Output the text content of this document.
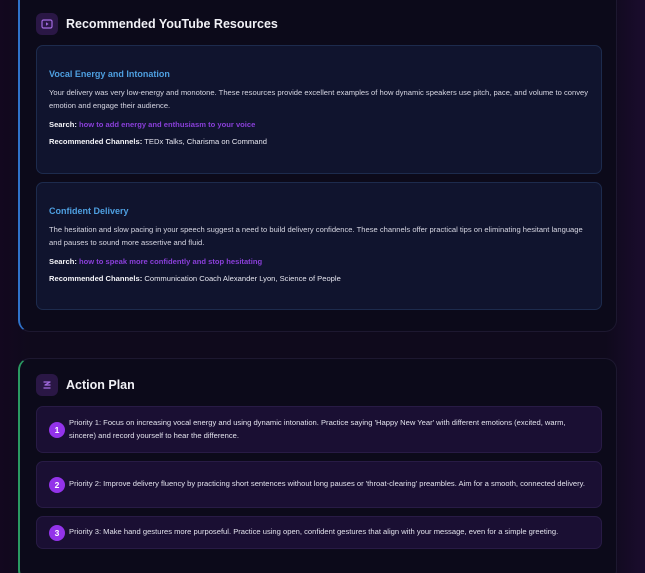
Recommended YouTube Resources
Vocal Energy and Intonation
Your delivery was very low-energy and monotone. These resources provide excellent examples of how dynamic speakers use pitch, pace, and volume to convey emotion and engage their audience.
Search: how to add energy and enthusiasm to your voice
Recommended Channels: TEDx Talks, Charisma on Command
Confident Delivery
The hesitation and slow pacing in your speech suggest a need to build delivery confidence. These channels offer practical tips on eliminating hesitant language and pauses to sound more assertive and fluid.
Search: how to speak more confidently and stop hesitating
Recommended Channels: Communication Coach Alexander Lyon, Science of People
Action Plan
1
Priority 1: Focus on increasing vocal energy and using dynamic intonation. Practice saying 'Happy New Year' with different emotions (excited, warm, sincere) and record yourself to hear the difference.
2	Priority 2: Improve delivery fluency by practicing short sentences without long pauses or 'throat-clearing' preambles. Aim for a smooth, connected delivery.
3	Priority 3: Make hand gestures more purposeful. Practice using open, confident gestures that align with your message, even for a simple greeting.
